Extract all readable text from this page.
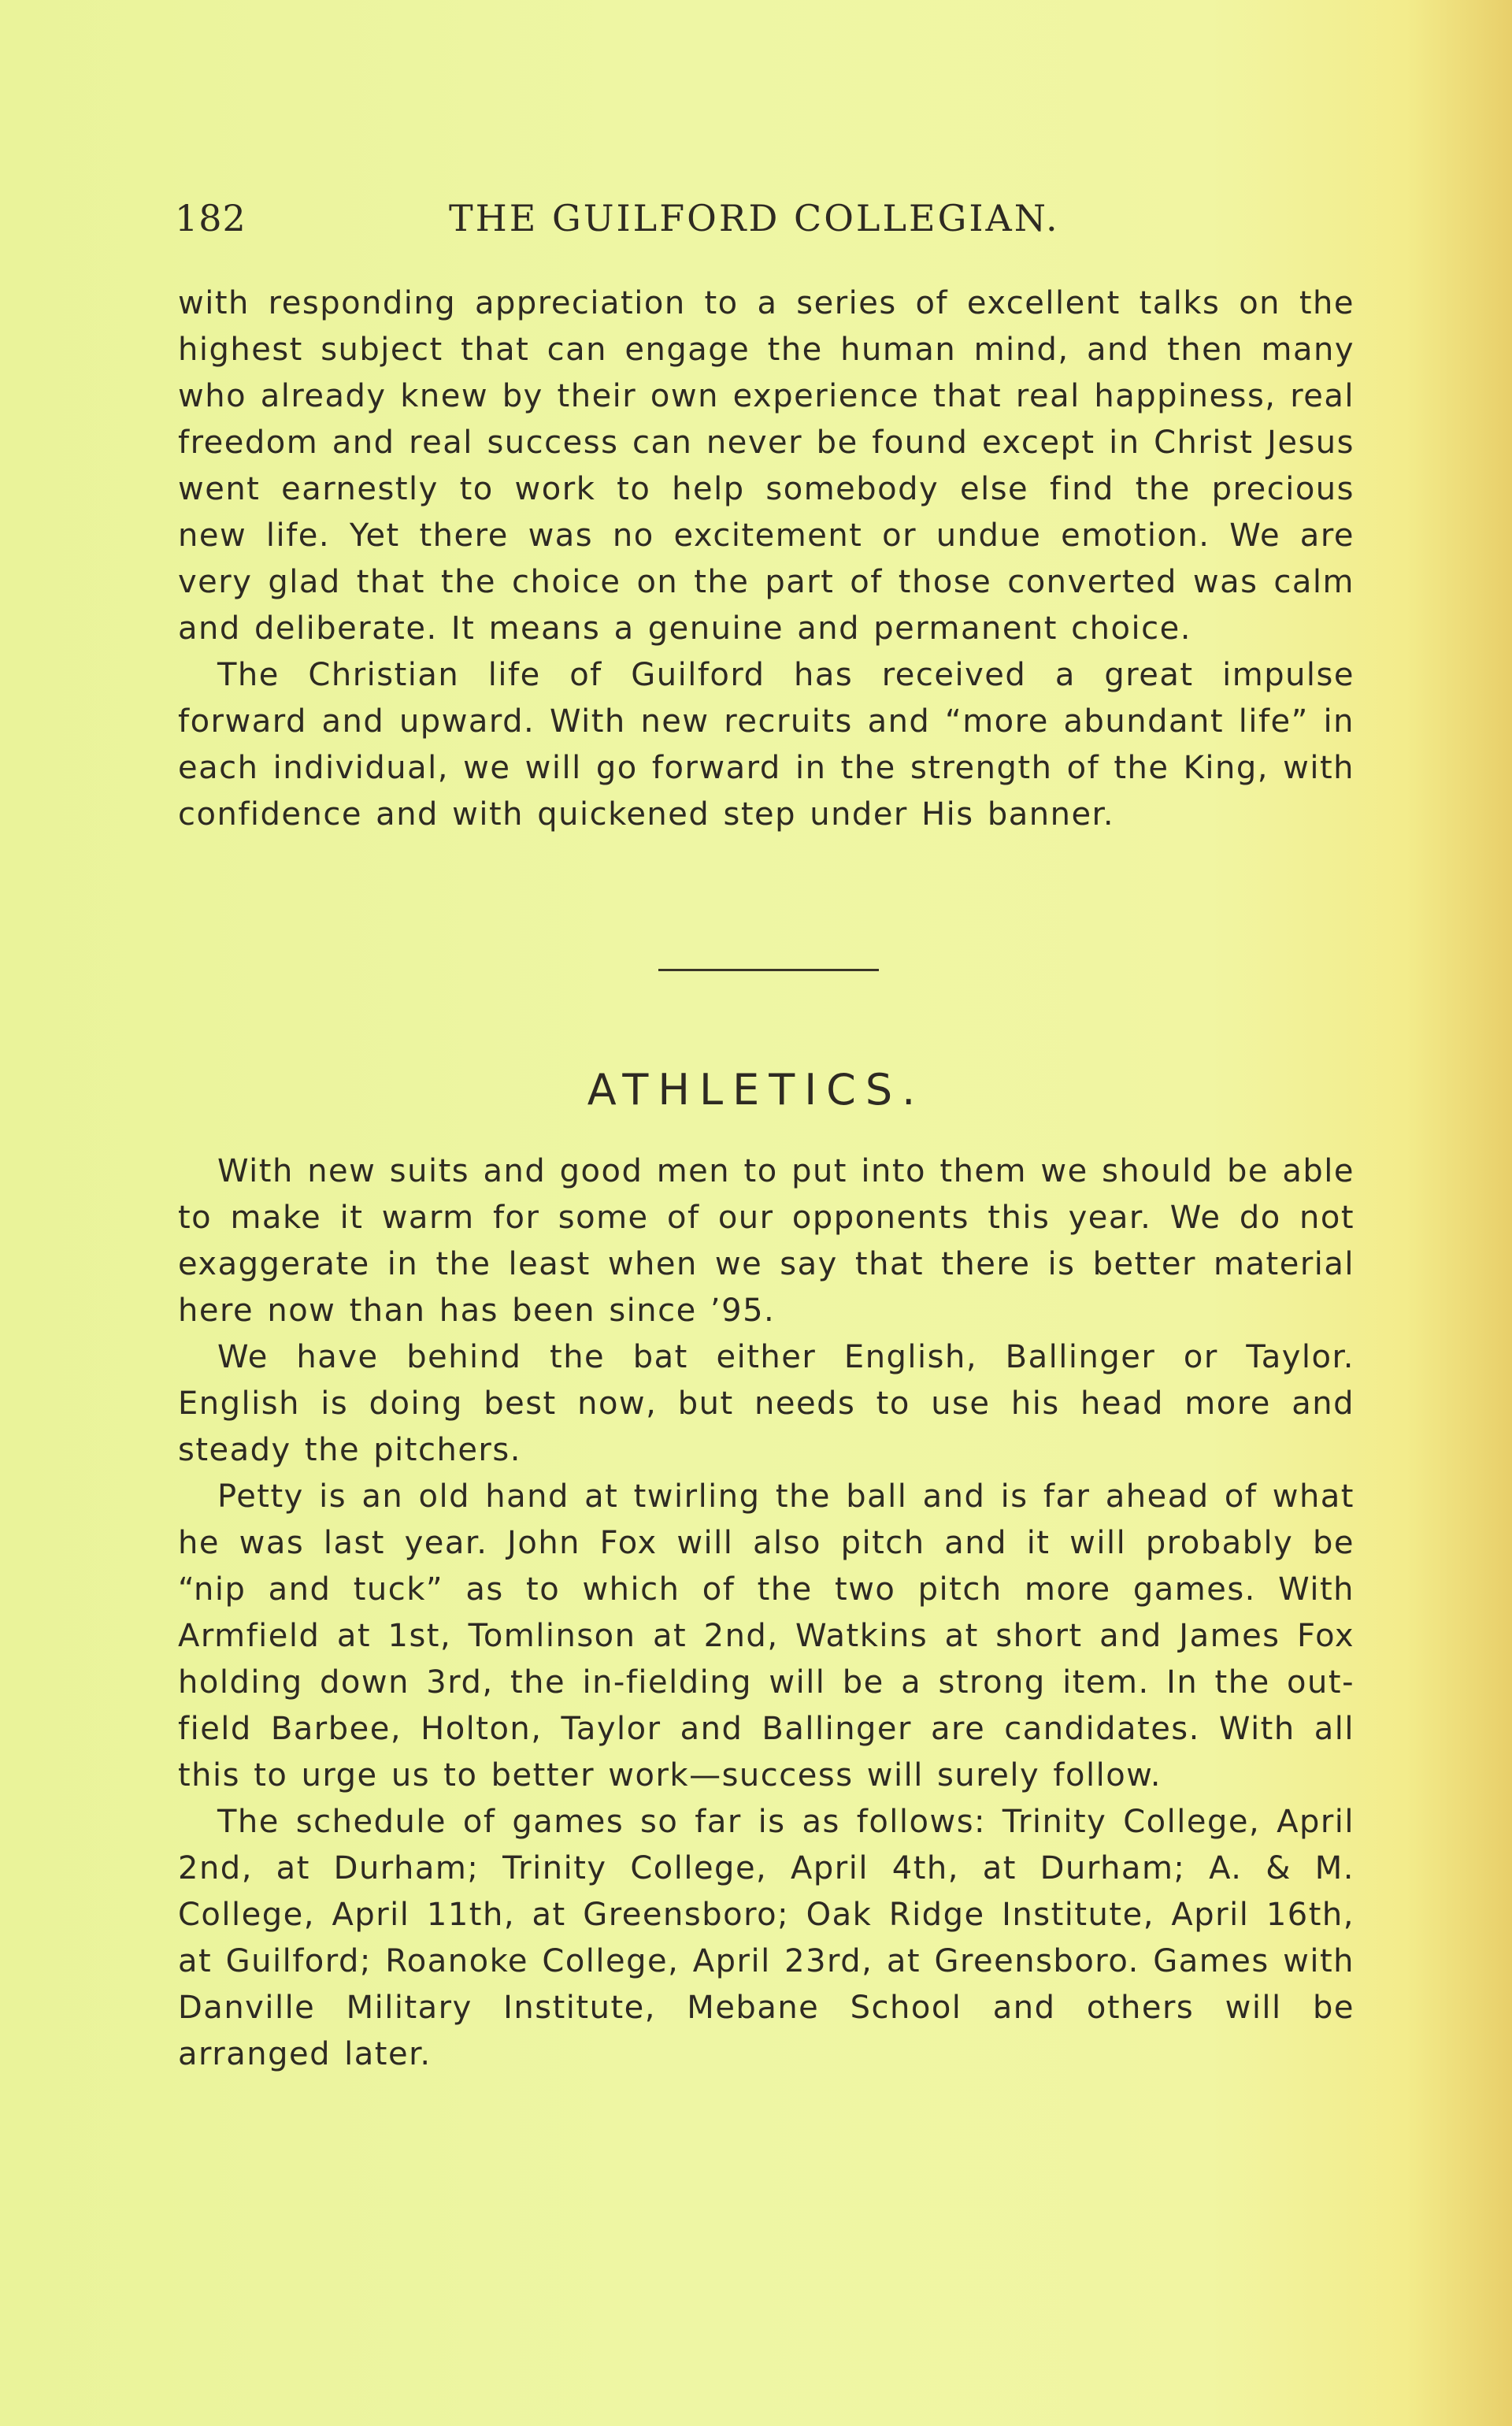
182	THE GUILFORD COLLEGIAN.

with responding appreciation to a series of excellent talks on the highest subject that can engage the human mind, and then many who already knew by their own experience that real happiness, real freedom and real success can never be found except in Christ Jesus went earnestly to work to help somebody else find the precious new life. Yet there was no excitement or undue emotion. We are very glad that the choice on the part of those converted was calm and deliberate. It means a genuine and permanent choice.

The Christian life of Guilford has received a great impulse forward and upward. With new recruits and “more abundant life” in each individual, we will go forward in the strength of the King, with confidence and with quickened step under His banner.

ATHLETICS.

With new suits and good men to put into them we should be able to make it warm for some of our opponents this year. We do not exaggerate in the least when we say that there is better material here now than has been since ’95.

We have behind the bat either English, Ballinger or Taylor. English is doing best now, but needs to use his head more and steady the pitchers.

Petty is an old hand at twirling the ball and is far ahead of what he was last year. John Fox will also pitch and it will probably be “nip and tuck” as to which of the two pitch more games. With Armfield at 1st, Tomlinson at 2nd, Watkins at short and James Fox holding down 3rd, the in-fielding will be a strong item. In the out-field Barbee, Holton, Taylor and Ballinger are candidates. With all this to urge us to better work—success will surely follow.

The schedule of games so far is as follows: Trinity College, April 2nd, at Durham; Trinity College, April 4th, at Durham; A. & M. College, April 11th, at Greensboro; Oak Ridge Institute, April 16th, at Guilford; Roanoke College, April 23rd, at Greensboro. Games with Danville Military Institute, Mebane School and others will be arranged later.
